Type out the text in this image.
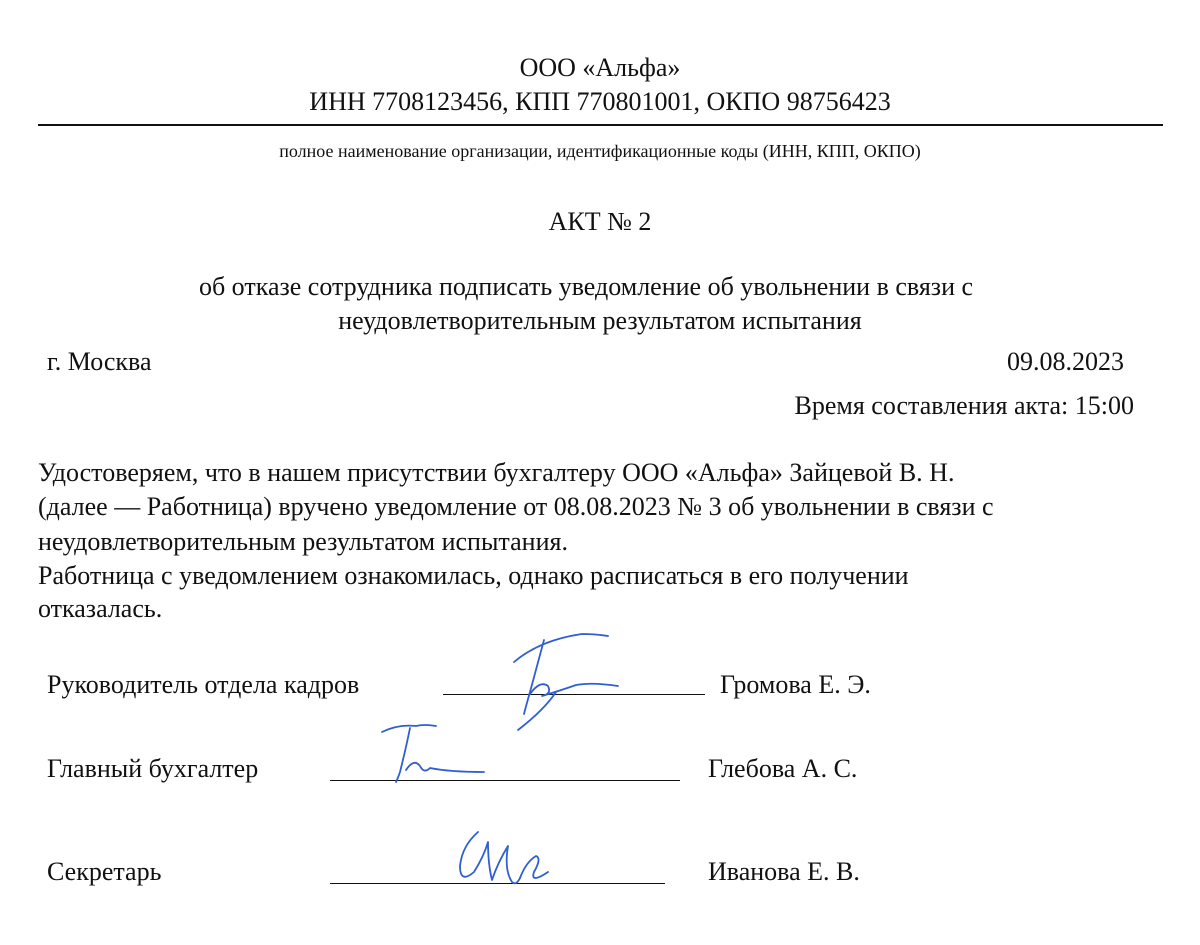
ООО «Альфа»
ИНН 7708123456, КПП 770801001, ОКПО 98756423
полное наименование организации, идентификационные коды (ИНН, КПП, ОКПО)
АКТ № 2
об отказе сотрудника подписать уведомление об увольнении в связи с
неудовлетворительным результатом испытания
г. Москва	09.08.2023
Время составления акта: 15:00
Удостоверяем, что в нашем присутствии бухгалтеру ООО «Альфа» Зайцевой В. Н.
(далее — Работница) вручено уведомление от 08.08.2023 № 3 об увольнении в связи с
неудовлетворительным результатом испытания.
Работница с уведомлением ознакомилась, однако расписаться в его получении
отказалась.
Руководитель отдела кадров	Громова Е. Э.
Главный бухгалтер	Глебова А. С.
Секретарь	Иванова Е. В.
